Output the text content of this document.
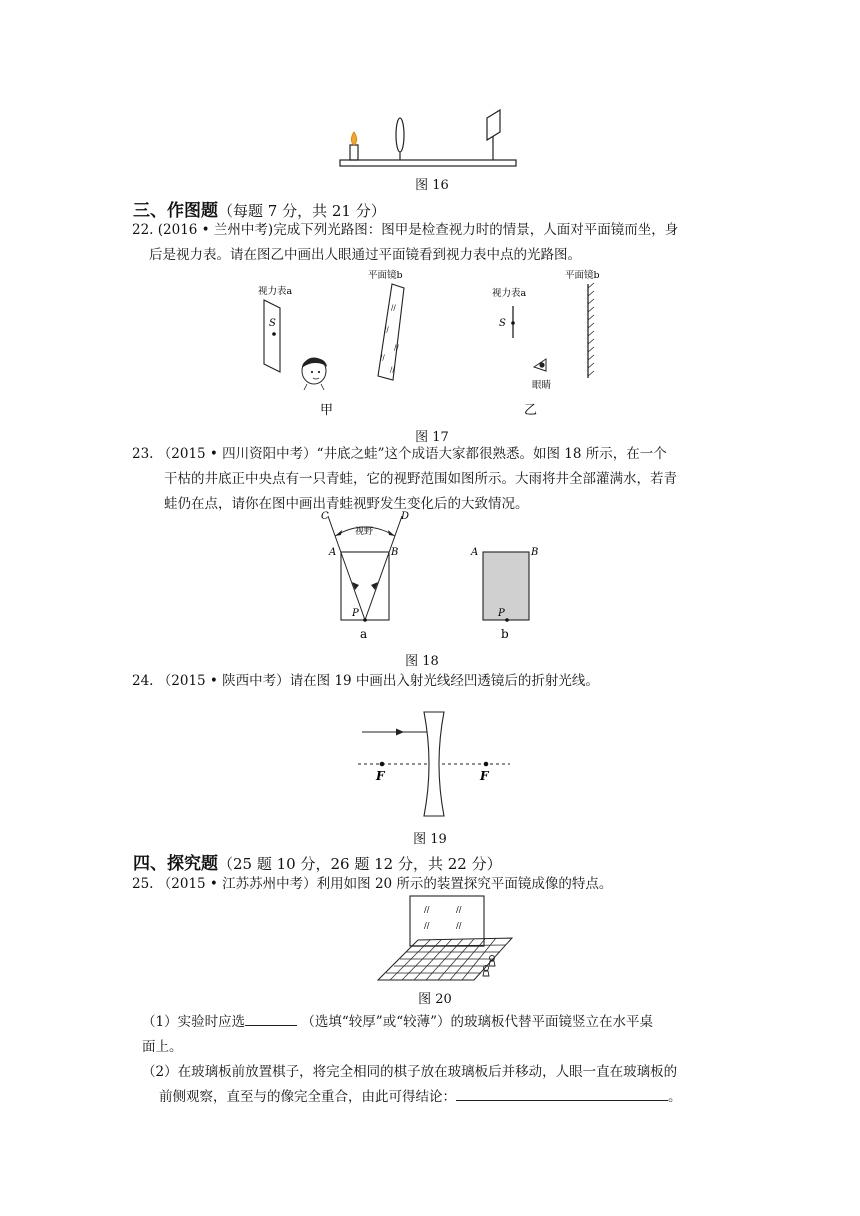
图 16
三、作图题（每题 7 分，共 21 分）
22. (2016 • 兰州中考)完成下列光路图：图甲是检查视力时的情景，人面对平面镜而坐，身
后是视力表。请在图乙中画出人眼通过平面镜看到视力表中点的光路图。
视力表a
S
平面镜b
//
//
//
//
//
视力表a
S
眼睛
平面镜b
甲	乙
图 17
23. （2015 • 四川资阳中考）“井底之蛙”这个成语大家都很熟悉。如图 18 所示，在一个
干枯的井底正中央点有一只青蛙，它的视野范围如图所示。大雨将井全部灌满水，若青
蛙仍在点，请你在图中画出青蛙视野发生变化后的大致情况。
视野
C	D
A	B
P
a
A	B
P
b
图 18
24. （2015 • 陕西中考）请在图 19 中画出入射光线经凹透镜后的折射光线。
F	F
图 19
四、探究题（25 题 10 分，26 题 12 分，共 22 分）
25. （2015 • 江苏苏州中考）利用如图 20 所示的装置探究平面镜成像的特点。
//	//
//	//
图 20
（1）实验时应选	（选填“较厚”或“较薄”）的玻璃板代替平面镜竖立在水平桌
面上。
（2）在玻璃板前放置棋子，将完全相同的棋子放在玻璃板后并移动，人眼一直在玻璃板的
前侧观察，直至与的像完全重合，由此可得结论：	。
